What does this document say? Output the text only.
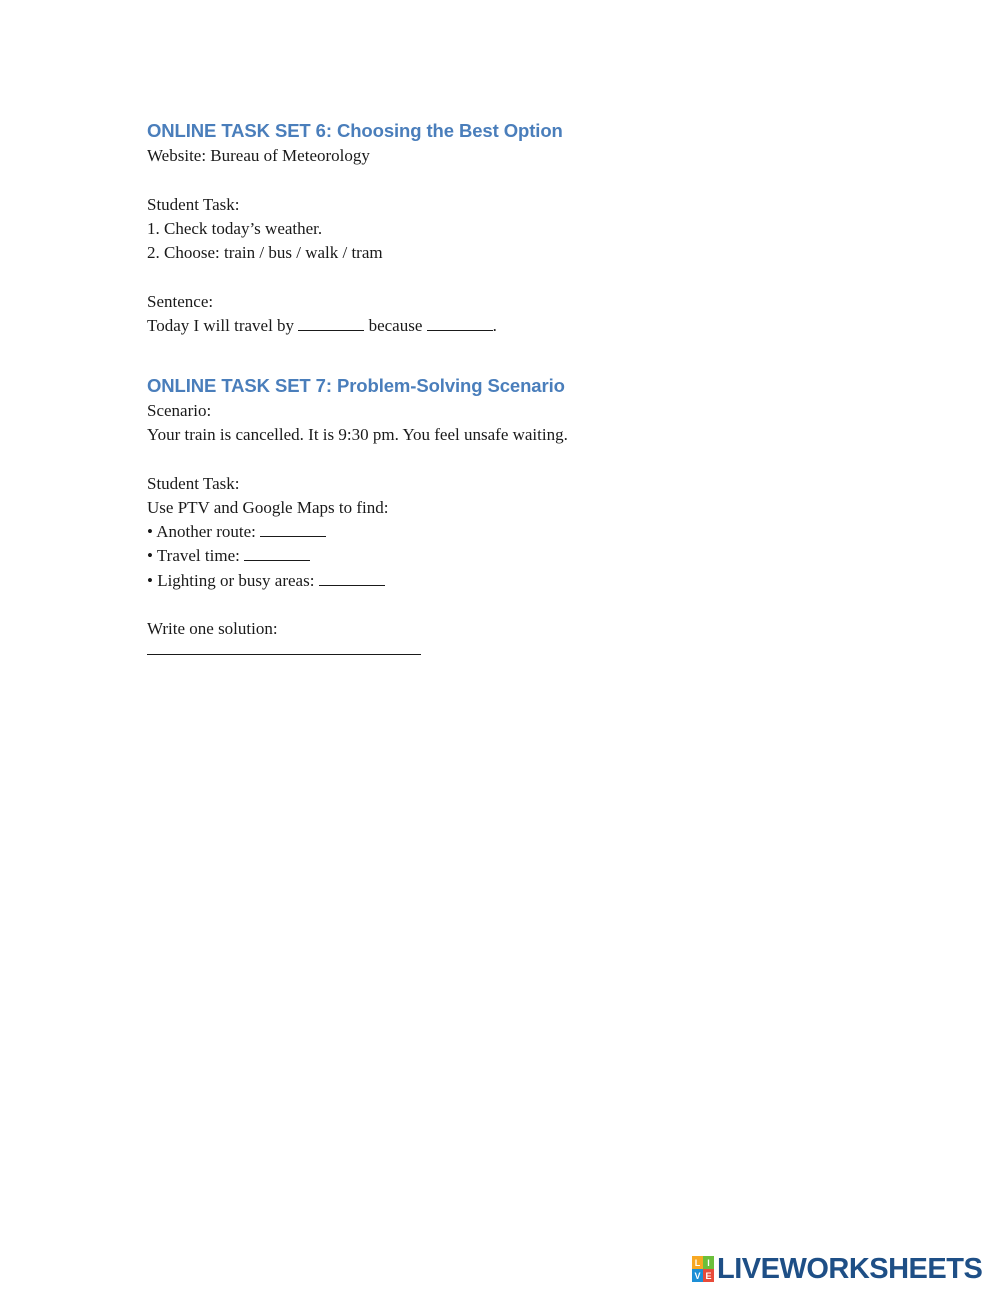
ONLINE TASK SET 6: Choosing the Best Option

Website: Bureau of Meteorology

Student Task:

1. Check today’s weather.

2. Choose: train / bus / walk / tram

Sentence:

Today I will travel by	because	.

ONLINE TASK SET 7: Problem-Solving Scenario

Scenario:

Your train is cancelled. It is 9:30 pm. You feel unsafe waiting.

Student Task:

Use PTV and Google Maps to find:

• Another route:

• Travel time:

• Lighting or busy areas:

Write one solution:

L I
V E LIVEWORKSHEETS
